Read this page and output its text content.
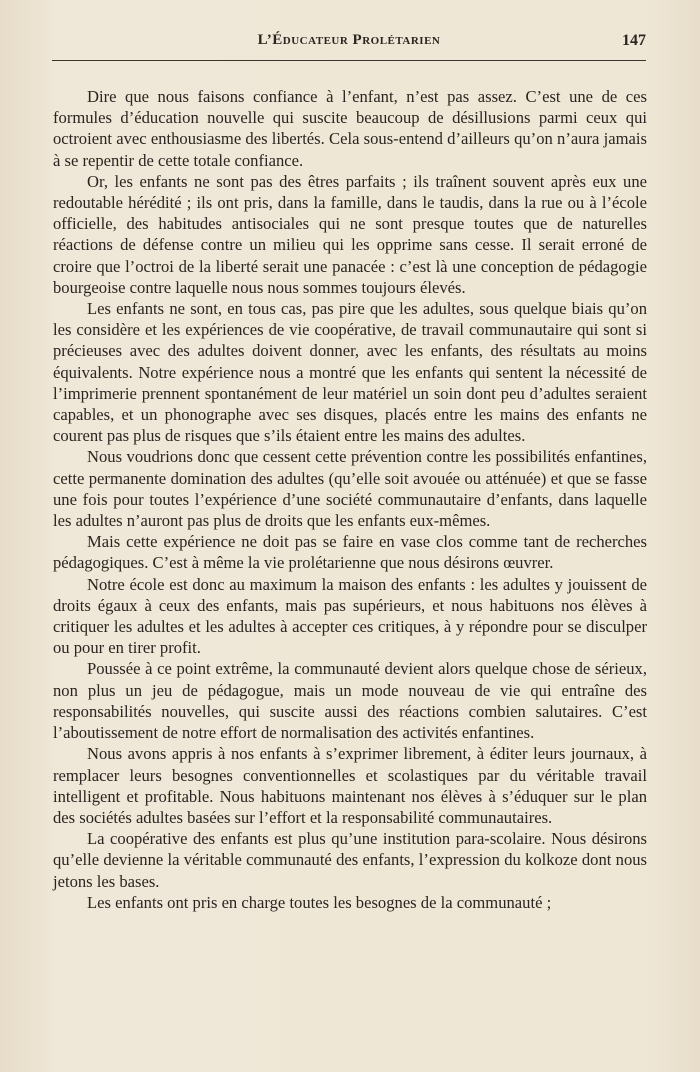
L’Éducateur Prolétarien	147

Dire que nous faisons confiance à l’enfant, n’est pas assez. C’est une de ces formules d’éducation nouvelle qui suscite beaucoup de désillusions parmi ceux qui octroient avec enthousiasme des libertés. Cela sous-entend d’ailleurs qu’on n’aura jamais à se repentir de cette totale confiance.

Or, les enfants ne sont pas des êtres parfaits ; ils traînent souvent après eux une redoutable hérédité ; ils ont pris, dans la famille, dans le taudis, dans la rue ou à l’école officielle, des habitudes antisociales qui ne sont presque toutes que de naturelles réactions de défense contre un milieu qui les opprime sans cesse. Il serait erroné de croire que l’octroi de la liberté serait une panacée : c’est là une conception de pédagogie bourgeoise contre laquelle nous nous sommes toujours élevés.

Les enfants ne sont, en tous cas, pas pire que les adultes, sous quelque biais qu’on les considère et les expériences de vie coopérative, de travail communautaire qui sont si précieuses avec des adultes doivent donner, avec les enfants, des résultats au moins équivalents. Notre expérience nous a montré que les enfants qui sentent la nécessité de l’imprimerie prennent spontanément de leur matériel un soin dont peu d’adultes seraient capables, et un phonographe avec ses disques, placés entre les mains des enfants ne courent pas plus de risques que s’ils étaient entre les mains des adultes.

Nous voudrions donc que cessent cette prévention contre les possibilités enfantines, cette permanente domination des adultes (qu’elle soit avouée ou atténuée) et que se fasse une fois pour toutes l’expérience d’une société communautaire d’enfants, dans laquelle les adultes n’auront pas plus de droits que les enfants eux-mêmes.

Mais cette expérience ne doit pas se faire en vase clos comme tant de recherches pédagogiques. C’est à même la vie prolétarienne que nous désirons œuvrer.

Notre école est donc au maximum la maison des enfants : les adultes y jouissent de droits égaux à ceux des enfants, mais pas supérieurs, et nous habituons nos élèves à critiquer les adultes et les adultes à accepter ces critiques, à y répondre pour se disculper ou pour en tirer profit.

Poussée à ce point extrême, la communauté devient alors quelque chose de sérieux, non plus un jeu de pédagogue, mais un mode nouveau de vie qui entraîne des responsabilités nouvelles, qui suscite aussi des réactions combien salutaires. C’est l’aboutissement de notre effort de normalisation des activités enfantines.

Nous avons appris à nos enfants à s’exprimer librement, à éditer leurs journaux, à remplacer leurs besognes conventionnelles et scolastiques par du véritable travail intelligent et profitable. Nous habituons maintenant nos élèves à s’éduquer sur le plan des sociétés adultes basées sur l’effort et la responsabilité communautaires.

La coopérative des enfants est plus qu’une institution para-scolaire. Nous désirons qu’elle devienne la véritable communauté des enfants, l’expression du kolkoze dont nous jetons les bases.

Les enfants ont pris en charge toutes les besognes de la communauté ;
